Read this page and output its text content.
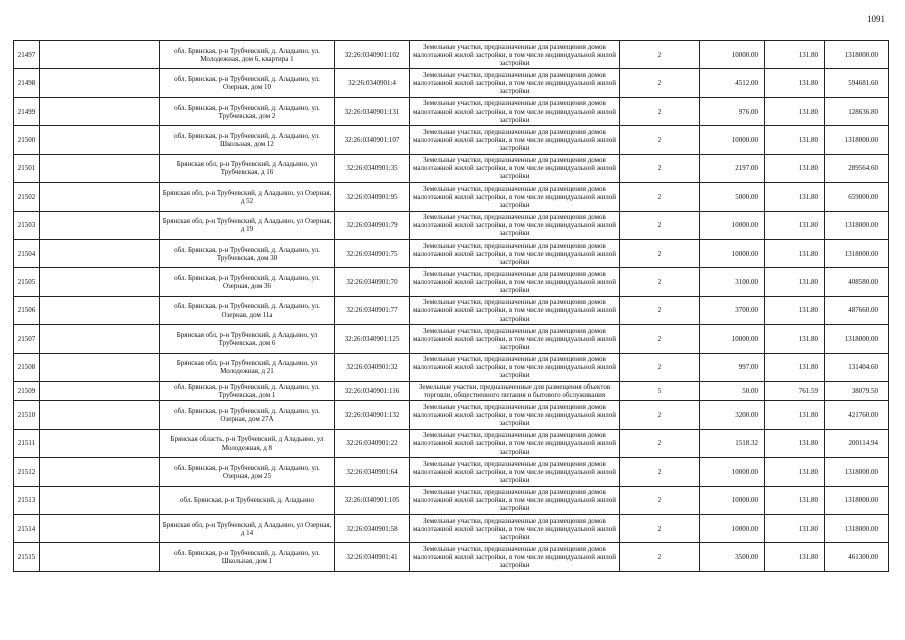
1091
21497		обл. Брянская, р-н Трубчевский, д. Аладьино, ул. Молодежная, дом 6, квартира 1	32:26:0340901:102	Земельные участки, предназначенные для размещения домов малоэтажной жилой застройки, в том числе индивидуальной жилой застройки	2	10000.00	131.80	1318000.00
21498		обл. Брянская, р-н Трубчевский, д. Аладьино, ул. Озерная, дом 10	32:26:0340901:4	Земельные участки, предназначенные для размещения домов малоэтажной жилой застройки, в том числе индивидуальной жилой застройки	2	4512.00	131.80	594681.60
21499		обл. Брянская, р-н Трубчевский, д. Аладьино, ул. Трубчевская, дом 2	32:26:0340901:131	Земельные участки, предназначенные для размещения домов малоэтажной жилой застройки, в том числе индивидуальной жилой застройки	2	976.00	131.80	128636.80
21500		обл. Брянская, р-н Трубчевский, д. Аладьино, ул. Школьная, дом 12	32:26:0340901:107	Земельные участки, предназначенные для размещения домов малоэтажной жилой застройки, в том числе индивидуальной жилой застройки	2	10000.00	131.80	1318000.00
21501		Брянская обл, р-н Трубчевский, д Аладьино, ул Трубчевская, д 16	32:26:0340901:35	Земельные участки, предназначенные для размещения домов малоэтажной жилой застройки, в том числе индивидуальной жилой застройки	2	2197.00	131.80	289564.60
21502		Брянская обл, р-н Трубчевский, д Аладьино, ул Озерная, д 52	32:26:0340901:95	Земельные участки, предназначенные для размещения домов малоэтажной жилой застройки, в том числе индивидуальной жилой застройки	2	5000.00	131.80	659000.00
21503		Брянская обл, р-н Трубчевский, д Аладьино, ул Озерная, д 19	32:26:0340901:79	Земельные участки, предназначенные для размещения домов малоэтажной жилой застройки, в том числе индивидуальной жилой застройки	2	10000.00	131.80	1318000.00
21504		обл. Брянская, р-н Трубчевский, д. Аладьино, ул. Трубчевская, дом 30	32:26:0340901:75	Земельные участки, предназначенные для размещения домов малоэтажной жилой застройки, в том числе индивидуальной жилой застройки	2	10000.00	131.80	1318000.00
21505		обл. Брянская, р-н Трубчевский, д. Аладьино, ул. Озерная, дом 36	32:26:0340901:70	Земельные участки, предназначенные для размещения домов малоэтажной жилой застройки, в том числе индивидуальной жилой застройки	2	3100.00	131.80	408580.00
21506		обл. Брянская, р-н Трубчевский, д. Аладьино, ул. Озерная, дом 11а	32:26:0340901:77	Земельные участки, предназначенные для размещения домов малоэтажной жилой застройки, в том числе индивидуальной жилой застройки	2	3700.00	131.80	487660.00
21507		Брянская обл, р-н Трубчевский, д Аладьино, ул Трубчевская, дом 6	32:26:0340901:125	Земельные участки, предназначенные для размещения домов малоэтажной жилой застройки, в том числе индивидуальной жилой застройки	2	10000.00	131.80	1318000.00
21508		Брянская обл, р-н Трубчевский, д Аладьино, ул Молодежная, д 21	32:26:0340901:32	Земельные участки, предназначенные для размещения домов малоэтажной жилой застройки, в том числе индивидуальной жилой застройки	2	997.00	131.80	131404.60
21509		обл. Брянская, р-н Трубчевский, д. Аладьино, ул. Трубчевская, дом 1	32:26:0340901:116	Земельные участки, предназначенные для размещения объектов торговли, общественного питания и бытового обслуживания	5	50.00	761.59	38079.50
21510		обл. Брянская, р-н Трубчевский, д. Аладьино, ул. Озерная, дом 27А	32:26:0340901:132	Земельные участки, предназначенные для размещения домов малоэтажной жилой застройки, в том числе индивидуальной жилой застройки	2	3200.00	131.80	421760.00
21511		Брянская область, р-н Трубчевский, д Аладьино, ул Молодежная, д 8	32:26:0340901:22	Земельные участки, предназначенные для размещения домов малоэтажной жилой застройки, в том числе индивидуальной жилой застройки	2	1518.32	131.80	200114.94
21512		обл. Брянская, р-н Трубчевский, д. Аладьино, ул. Озерная, дом 25	32:26:0340901:64	Земельные участки, предназначенные для размещения домов малоэтажной жилой застройки, в том числе индивидуальной жилой застройки	2	10000.00	131.80	1318000.00
21513		обл. Брянская, р-н Трубчевский, д. Аладьино	32:26:0340901:105	Земельные участки, предназначенные для размещения домов малоэтажной жилой застройки, в том числе индивидуальной жилой застройки	2	10000.00	131.80	1318000.00
21514		Брянская обл, р-н Трубчевский, д Аладьино, ул Озерная, д 14	32:26:0340901:58	Земельные участки, предназначенные для размещения домов малоэтажной жилой застройки, в том числе индивидуальной жилой застройки	2	10000.00	131.80	1318000.00
21515		обл. Брянская, р-н Трубчевский, д. Аладьино, ул. Школьная, дом 1	32:26:0340901:41	Земельные участки, предназначенные для размещения домов малоэтажной жилой застройки, в том числе индивидуальной жилой застройки	2	3500.00	131.80	461300.00
